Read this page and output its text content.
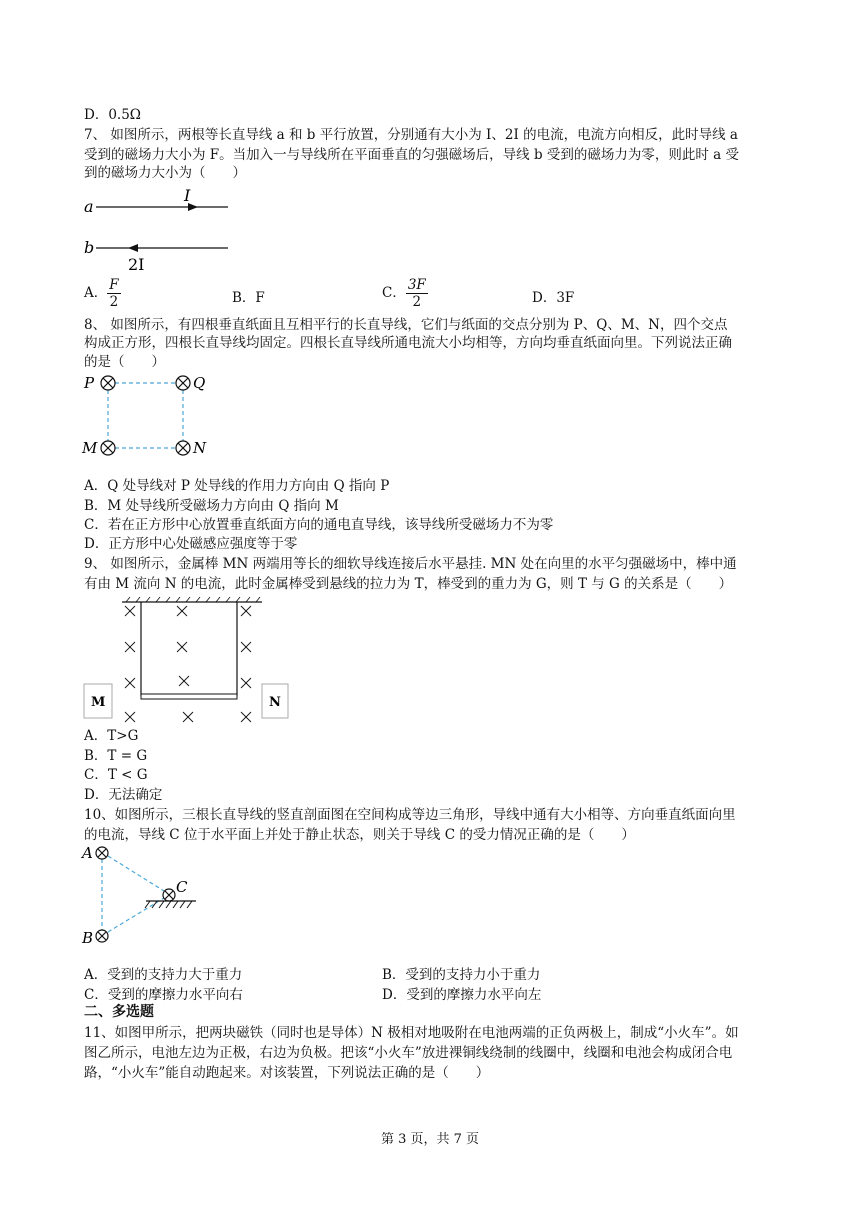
D．0.5Ω
7、 如图所示，两根等长直导线 a 和 b 平行放置，分别通有大小为 I、2I 的电流，电流方向相反，此时导线 a
受到的磁场力大小为 F。当加入一与导线所在平面垂直的匀强磁场后，导线 b 受到的磁场力为零，则此时 a 受
到的磁场力大小为（　　）
a
I
b
2I
A． $\frac{F}{2}$	B．F	C． $\frac{3F}{2}$	D．3F
8、 如图所示，有四根垂直纸面且互相平行的长直导线，它们与纸面的交点分别为 P、Q、M、N，四个交点
构成正方形，四根长直导线均固定。四根长直导线所通电流大小均相等，方向均垂直纸面向里。下列说法正确
的是（　　）
P	Q
M	N
A．Q 处导线对 P 处导线的作用力方向由 Q 指向 P
B．M 处导线所受磁场力方向由 Q 指向 M
C．若在正方形中心放置垂直纸面方向的通电直导线，该导线所受磁场力不为零
D．正方形中心处磁感应强度等于零
9、 如图所示，金属棒 MN 两端用等长的细软导线连接后水平悬挂. MN 处在向里的水平匀强磁场中，棒中通
有由 M 流向 N 的电流，此时金属棒受到悬线的拉力为 T，棒受到的重力为 G，则 T 与 G 的关系是（　　）
M	N
A．T>G
B．T = G
C．T < G
D．无法确定
10、如图所示，三根长直导线的竖直剖面图在空间构成等边三角形，导线中通有大小相等、方向垂直纸面向里
的电流，导线 C 位于水平面上并处于静止状态，则关于导线 C 的受力情况正确的是（　　）
A
B
C
A．受到的支持力大于重力	B．受到的支持力小于重力
C．受到的摩擦力水平向右	D．受到的摩擦力水平向左
二、多选题
11、如图甲所示，把两块磁铁（同时也是导体）N 极相对地吸附在电池两端的正负两极上，制成“小火车”。如
图乙所示，电池左边为正极，右边为负极。把该“小火车”放进裸铜线绕制的线圈中，线圈和电池会构成闭合电
路，“小火车”能自动跑起来。对该装置，下列说法正确的是（　　）
第 3 页，共 7 页
